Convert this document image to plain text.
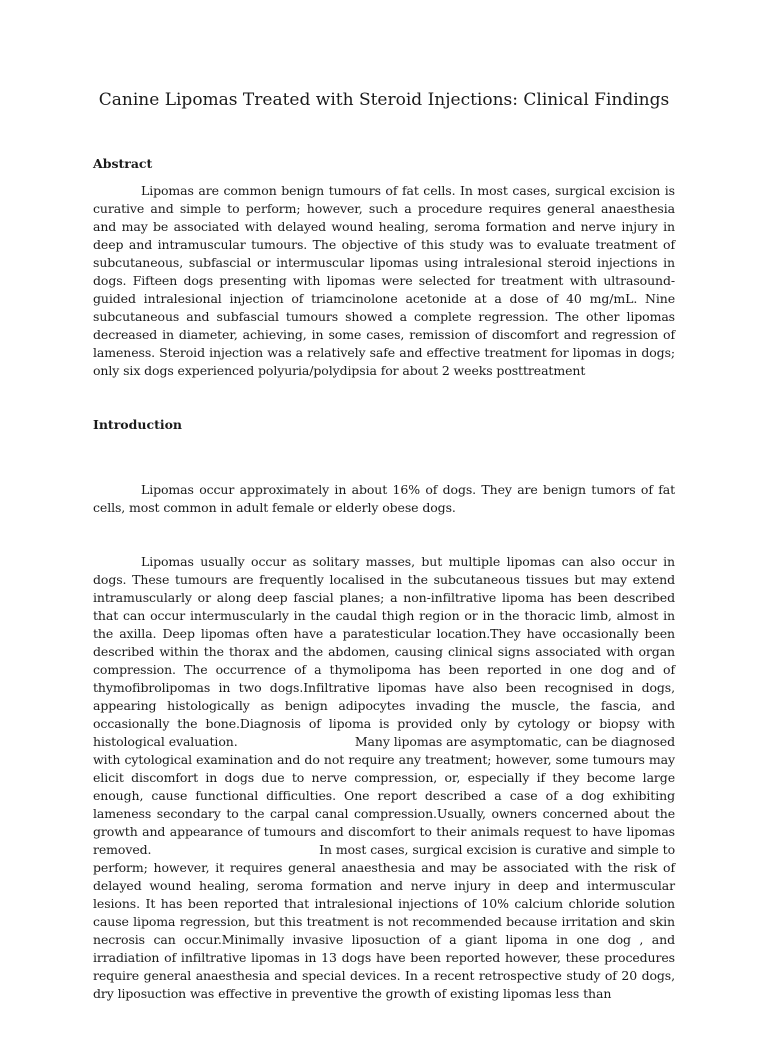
Canine Lipomas Treated with Steroid Injections: Clinical Findings
Abstract

Lipomas are common benign tumours of fat cells. In most cases, surgical excision is curative and simple to perform; however, such a procedure requires general anaesthesia and may be associated with delayed wound healing, seroma formation and nerve injury in deep and intramuscular tumours. The objective of this study was to evaluate treatment of subcutaneous, subfascial or intermuscular lipomas using intralesional steroid injections in dogs. Fifteen dogs presenting with lipomas were selected for treatment with ultrasound-guided intralesional injection of triamcinolone acetonide at a dose of 40 mg/mL. Nine subcutaneous and subfascial tumours showed a complete regression. The other lipomas decreased in diameter, achieving, in some cases, remission of discomfort and regression of lameness. Steroid injection was a relatively safe and effective treatment for lipomas in dogs; only six dogs experienced polyuria/polydipsia for about 2 weeks posttreatment

Introduction

Lipomas occur approximately in about 16% of dogs. They are benign tumors of fat cells, most common in adult female or elderly obese dogs.

Lipomas usually occur as solitary masses, but multiple lipomas can also occur in dogs. These tumours are frequently localised in the subcutaneous tissues but may extend intramuscularly or along deep fascial planes; a non-infiltrative lipoma has been described that can occur intermuscularly in the caudal thigh region or in the thoracic limb, almost in the axilla. Deep lipomas often have a paratesticular location.They have occasionally been described within the thorax and the abdomen, causing clinical signs associated with organ compression. The occurrence of a thymolipoma has been reported in one dog and of thymofibrolipomas in two dogs.Infiltrative lipomas have also been recognised in dogs, appearing histologically as benign adipocytes invading the muscle, the fascia, and occasionally the bone.Diagnosis of lipoma is provided only by cytology or biopsy with histological evaluation.                              Many lipomas are asymptomatic, can be diagnosed with cytological examination and do not require any treatment; however, some tumours may elicit discomfort in dogs due to nerve compression, or, especially if they become large enough, cause functional difficulties. One report described a case of a dog exhibiting lameness secondary to the carpal canal compression.Usually, owners concerned about the growth and appearance of tumours and discomfort to their animals request to have lipomas removed.                                          In most cases, surgical excision is curative and simple to perform; however, it requires general anaesthesia and may be associated with the risk of delayed wound healing, seroma formation and nerve injury in deep and intermuscular lesions. It has been reported that intralesional injections of 10% calcium chloride solution cause lipoma regression, but this treatment is not recommended because irritation and skin necrosis can occur.Minimally invasive liposuction of a giant lipoma in one dog , and irradiation of infiltrative lipomas in 13 dogs have been reported however, these procedures require general anaesthesia and special devices. In a recent retrospective study of 20 dogs, dry liposuction was effective in preventive the growth of existing lipomas less than
